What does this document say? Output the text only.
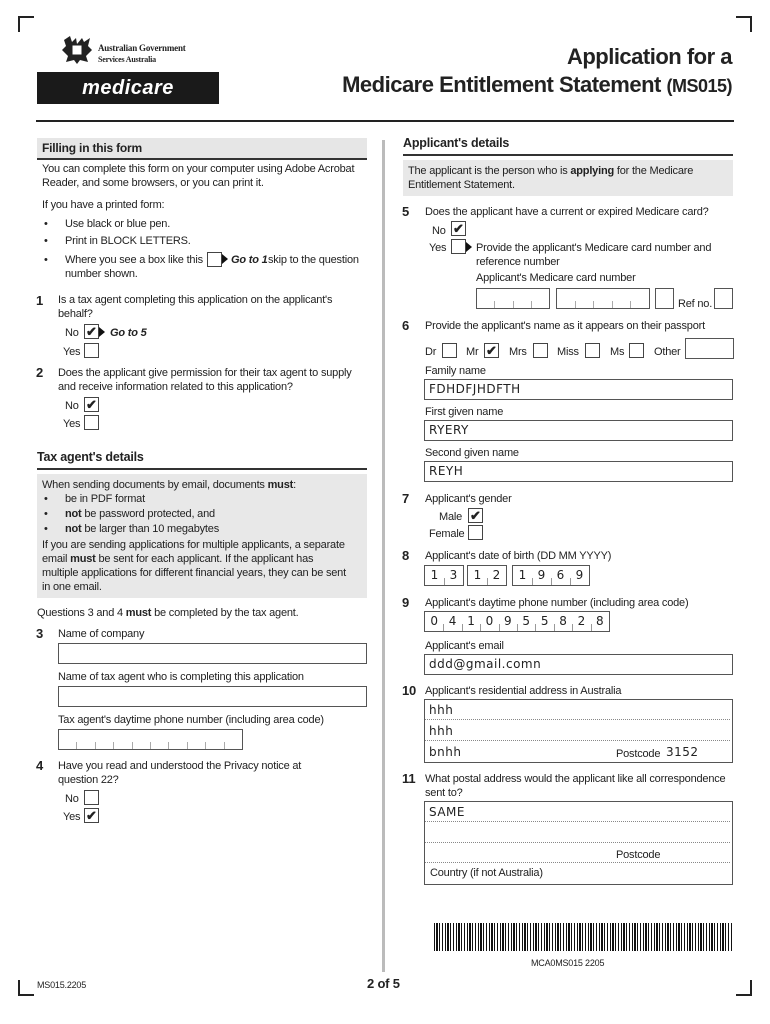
Australian Government
Services Australia
medicare
Application for a
Medicare Entitlement Statement (MS015)
Filling in this form
You can complete this form on your computer using Adobe Acrobat
Reader, and some browsers, or you can print it.
If you have a printed form:
• Use black or blue pen.
• Print in BLOCK LETTERS.
• Where you see a box like this	Go to 1 skip to the question
number shown.
1 Is a tax agent completing this application on the applicant's
behalf?
No ✔ Go to 5
Yes
2 Does the applicant give permission for their tax agent to supply
and receive information related to this application?
No ✔
Yes
Tax agent's details
When sending documents by email, documents must:
• be in PDF format
• not be password protected, and
• not be larger than 10 megabytes
If you are sending applications for multiple applicants, a separate
email must be sent for each applicant. If the applicant has
multiple applications for different financial years, they can be sent
in one email.
Questions 3 and 4 must be completed by the tax agent.
3 Name of company
Name of tax agent who is completing this application
Tax agent's daytime phone number (including area code)
4 Have you read and understood the Privacy notice at
question 22?
No
Yes ✔
Applicant's details
The applicant is the person who is applying for the Medicare
Entitlement Statement.
5 Does the applicant have a current or expired Medicare card?
No ✔
Yes	Provide the applicant's Medicare card number and
reference number
Applicant's Medicare card number
Ref no.
6 Provide the applicant's name as it appears on their passport
Dr	Mr ✔ Mrs	Miss	Ms	Other
Family name
FDHDFJHDFTH
First given name
RYERY
Second given name
REYH
7 Applicant's gender
Male ✔
Female
8 Applicant's date of birth (DD MM YYYY)
1 3	1 2	1 9 6 9
9 Applicant's daytime phone number (including area code)
0 4 1 0 9 5 5 8 2 8
Applicant's email
ddd@gmail.comn
10 Applicant's residential address in Australia
hhh
hhh
bnhh	Postcode 3152
11 What postal address would the applicant like all correspondence
sent to?
SAME
Postcode
Country (if not Australia)
MCA0MS015 2205
MS015.2205	2 of 5
